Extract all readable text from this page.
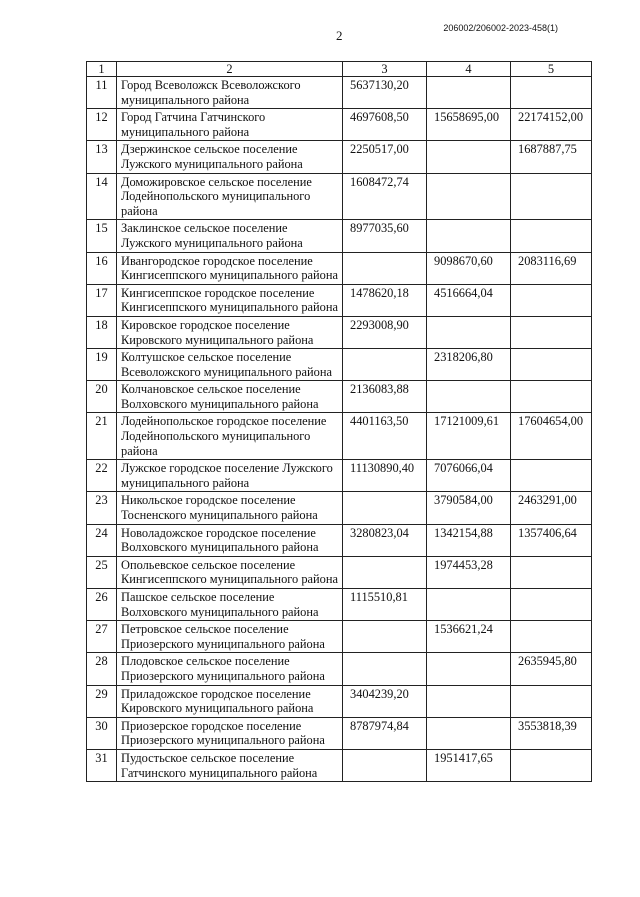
206002/206002-2023-458(1)
2
1	2	3	4	5
11	Город Всеволожск Всеволожского муниципального района	5637130,20		
12	Город Гатчина Гатчинского муниципального района	4697608,50	15658695,00	22174152,00
13	Дзержинское сельское поселение Лужского муниципального района	2250517,00		1687887,75
14	Доможировское сельское поселение Лодейнопольского муниципального района	1608472,74		
15	Заклинское сельское поселение Лужского муниципального района	8977035,60		
16	Ивангородское городское поселение Кингисеппского муниципального района		9098670,60	2083116,69
17	Кингисеппское городское поселение Кингисеппского муниципального района	1478620,18	4516664,04	
18	Кировское городское поселение Кировского муниципального района	2293008,90		
19	Колтушское сельское поселение Всеволожского муниципального района		2318206,80	
20	Колчановское сельское поселение Волховского муниципального района	2136083,88		
21	Лодейнопольское городское поселение Лодейнопольского муниципального района	4401163,50	17121009,61	17604654,00
22	Лужское городское поселение Лужского муниципального района	11130890,40	7076066,04	
23	Никольское городское поселение Тосненского муниципального района		3790584,00	2463291,00
24	Новоладожское городское поселение Волховского муниципального района	3280823,04	1342154,88	1357406,64
25	Опольевское сельское поселение Кингисеппского муниципального района		1974453,28	
26	Пашское сельское поселение Волховского муниципального района	1115510,81		
27	Петровское сельское поселение Приозерского муниципального района		1536621,24	
28	Плодовское сельское поселение Приозерского муниципального района			2635945,80
29	Приладожское городское поселение Кировского муниципального района	3404239,20		
30	Приозерское городское поселение Приозерского муниципального района	8787974,84		3553818,39
31	Пудостьское сельское поселение Гатчинского муниципального района		1951417,65	
